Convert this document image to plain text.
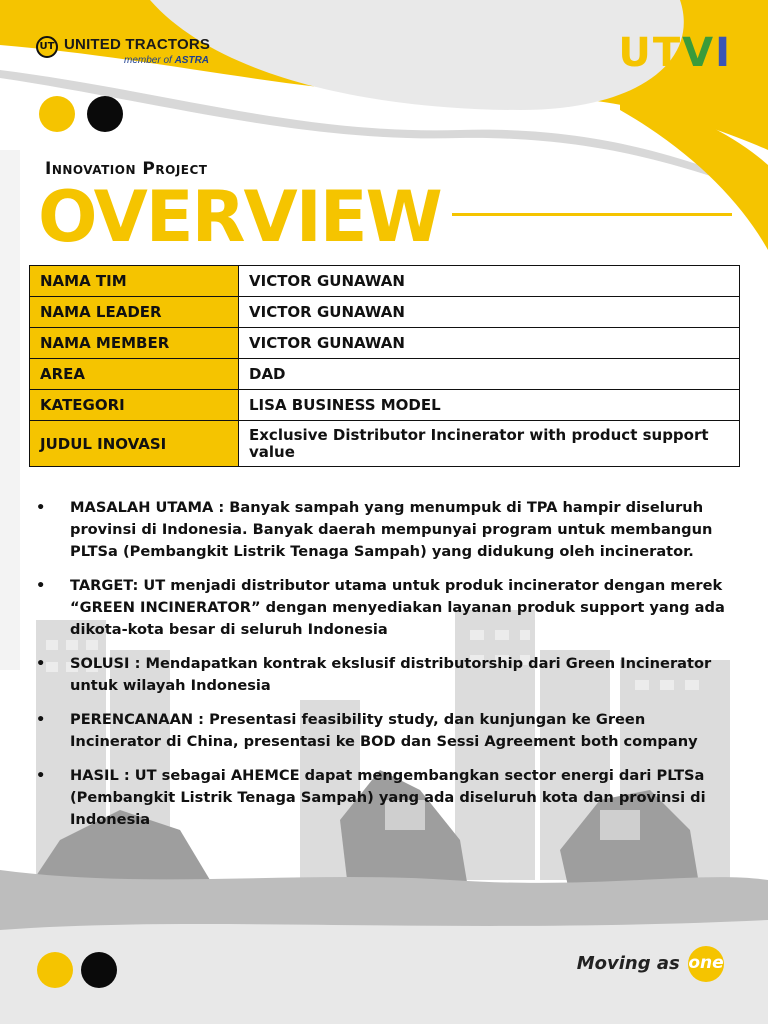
UT UNITED TRACTORS
member of ASTRA	UTVI
Innovation Project
OVERVIEW
NAMA TIM	VICTOR GUNAWAN
NAMA LEADER	VICTOR GUNAWAN
NAMA MEMBER	VICTOR GUNAWAN
AREA	DAD
KATEGORI	LISA BUSINESS MODEL
JUDUL INOVASI	Exclusive Distributor Incinerator with product support value
• MASALAH UTAMA : Banyak sampah yang menumpuk di TPA hampir diseluruh provinsi di Indonesia. Banyak daerah mempunyai program untuk membangun PLTSa (Pembangkit Listrik Tenaga Sampah) yang didukung oleh incinerator.
• TARGET: UT menjadi distributor utama untuk produk incinerator dengan merek “GREEN INCINERATOR” dengan menyediakan layanan produk support yang ada dikota-kota besar di seluruh Indonesia
• SOLUSI : Mendapatkan kontrak ekslusif distributorship dari Green Incinerator untuk wilayah Indonesia
• PERENCANAAN : Presentasi feasibility study, dan kunjungan ke Green Incinerator di China, presentasi ke BOD dan Sessi Agreement both company
• HASIL : UT sebagai AHEMCE dapat mengembangkan sector energi dari PLTSa (Pembangkit Listrik Tenaga Sampah) yang ada diseluruh kota dan provinsi di Indonesia
Moving as one
